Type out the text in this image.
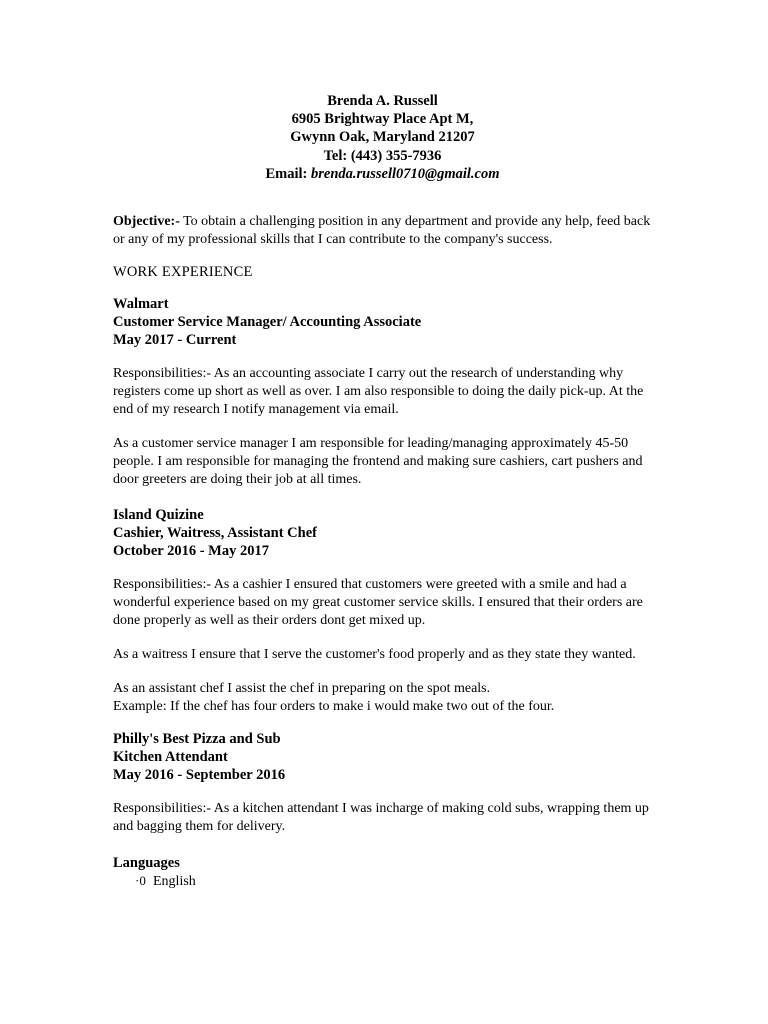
Brenda A. Russell
6905 Brightway Place Apt M,
Gwynn Oak, Maryland 21207
Tel: (443) 355-7936
Email: brenda.russell0710@gmail.com

Objective:- To obtain a challenging position in any department and provide any help, feed back or any of my professional skills that I can contribute to the company's success.

WORK EXPERIENCE
Walmart
Customer Service Manager/ Accounting Associate
May 2017 - Current

Responsibilities:- As an accounting associate I carry out the research of understanding why registers come up short as well as over. I am also responsible to doing the daily pick-up. At the end of my research I notify management via email.

As a customer service manager I am responsible for leading/managing approximately 45-50 people. I am responsible for managing the frontend and making sure cashiers, cart pushers and door greeters are doing their job at all times.

Island Quizine
Cashier, Waitress, Assistant Chef
October 2016 - May 2017

Responsibilities:- As a cashier I ensured that customers were greeted with a smile and had a wonderful experience based on my great customer service skills. I ensured that their orders are done properly as well as their orders dont get mixed up.

As a waitress I ensure that I serve the customer's food properly and as they state they wanted.

As an assistant chef I assist the chef in preparing on the spot meals.

Example: If the chef has four orders to make i would make two out of the four.

Philly's Best Pizza and Sub
Kitchen Attendant
May 2016 - September 2016

Responsibilities:- As a kitchen attendant I was incharge of making cold subs, wrapping them up and bagging them for delivery.

Languages
·0 English
